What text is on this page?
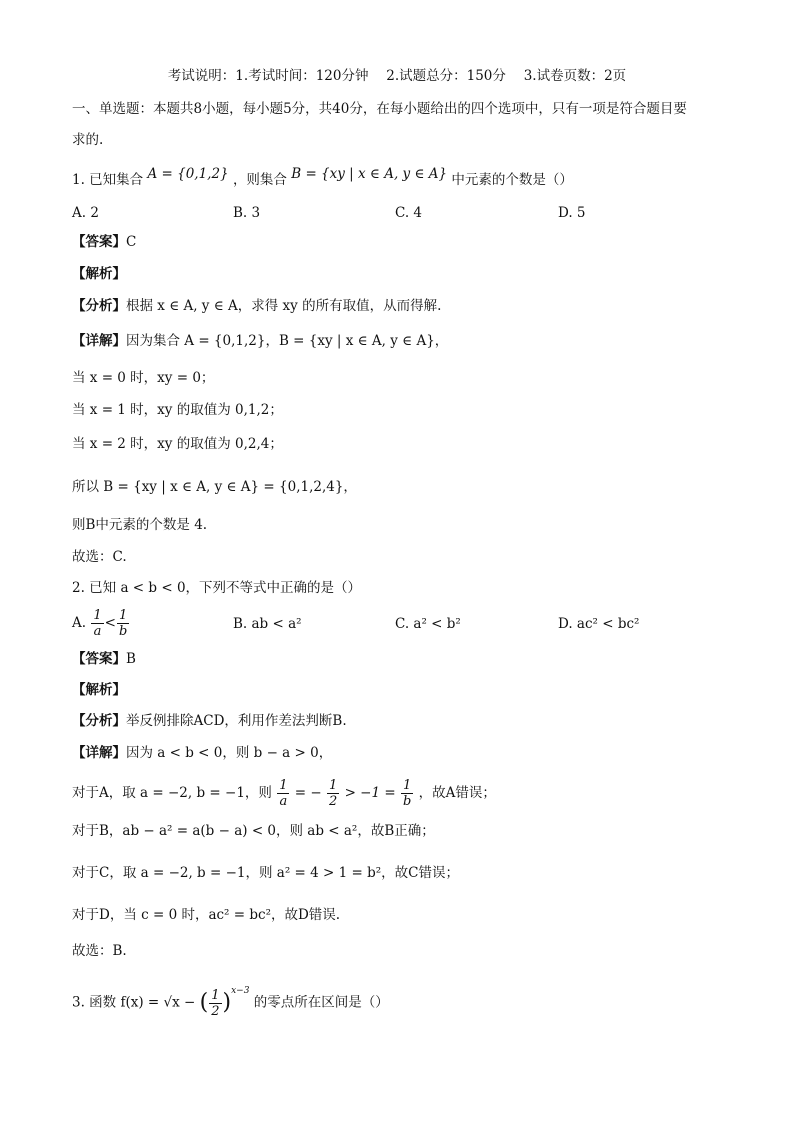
考试说明：1.考试时间：120分钟　 2.试题总分：150分　 3.试卷页数：2页
一、单选题：本题共8小题，每小题5分，共40分，在每小题给出的四个选项中，只有一项是符合题目要
求的.
1. 已知集合 A = {0,1,2} ，则集合 B = {xy | x ∈ A, y ∈ A} 中元素的个数是（）
A. 2	B. 3	C. 4	D. 5
【答案】C
【解析】
【分析】根据 x ∈ A, y ∈ A，求得 xy 的所有取值，从而得解.
【详解】因为集合 A = {0,1,2}，B = {xy | x ∈ A, y ∈ A}，
当 x = 0 时，xy = 0；
当 x = 1 时，xy 的取值为 0,1,2；
当 x = 2 时，xy 的取值为 0,2,4；
所以 B = {xy | x ∈ A, y ∈ A} = {0,1,2,4}，
则B中元素的个数是 4.
故选：C.
2. 已知 a < b < 0，下列不等式中正确的是（）
A. $\frac{1}{a} < \frac{1}{b}$	B. ab < a²	C. a² < b²	D. ac² < bc²
【答案】B
【解析】
【分析】举反例排除ACD，利用作差法判断B.
【详解】因为 a < b < 0，则 b − a > 0，
对于A，取 a = −2, b = −1，则 $\frac{1}{a}$ = − $\frac{1}{2} > -1 = \frac{1}{b}$ ，故A错误；
对于B，ab − a² = a(b − a) < 0，则 ab < a²，故B正确；
对于C，取 a = −2, b = −1，则 a² = 4 > 1 = b²，故C错误；
对于D，当 c = 0 时，ac² = bc²，故D错误.
故选：B.
3. 函数 f(x) = √x − ( $\frac{1}{2} )^{x-3}$ 的零点所在区间是（）
